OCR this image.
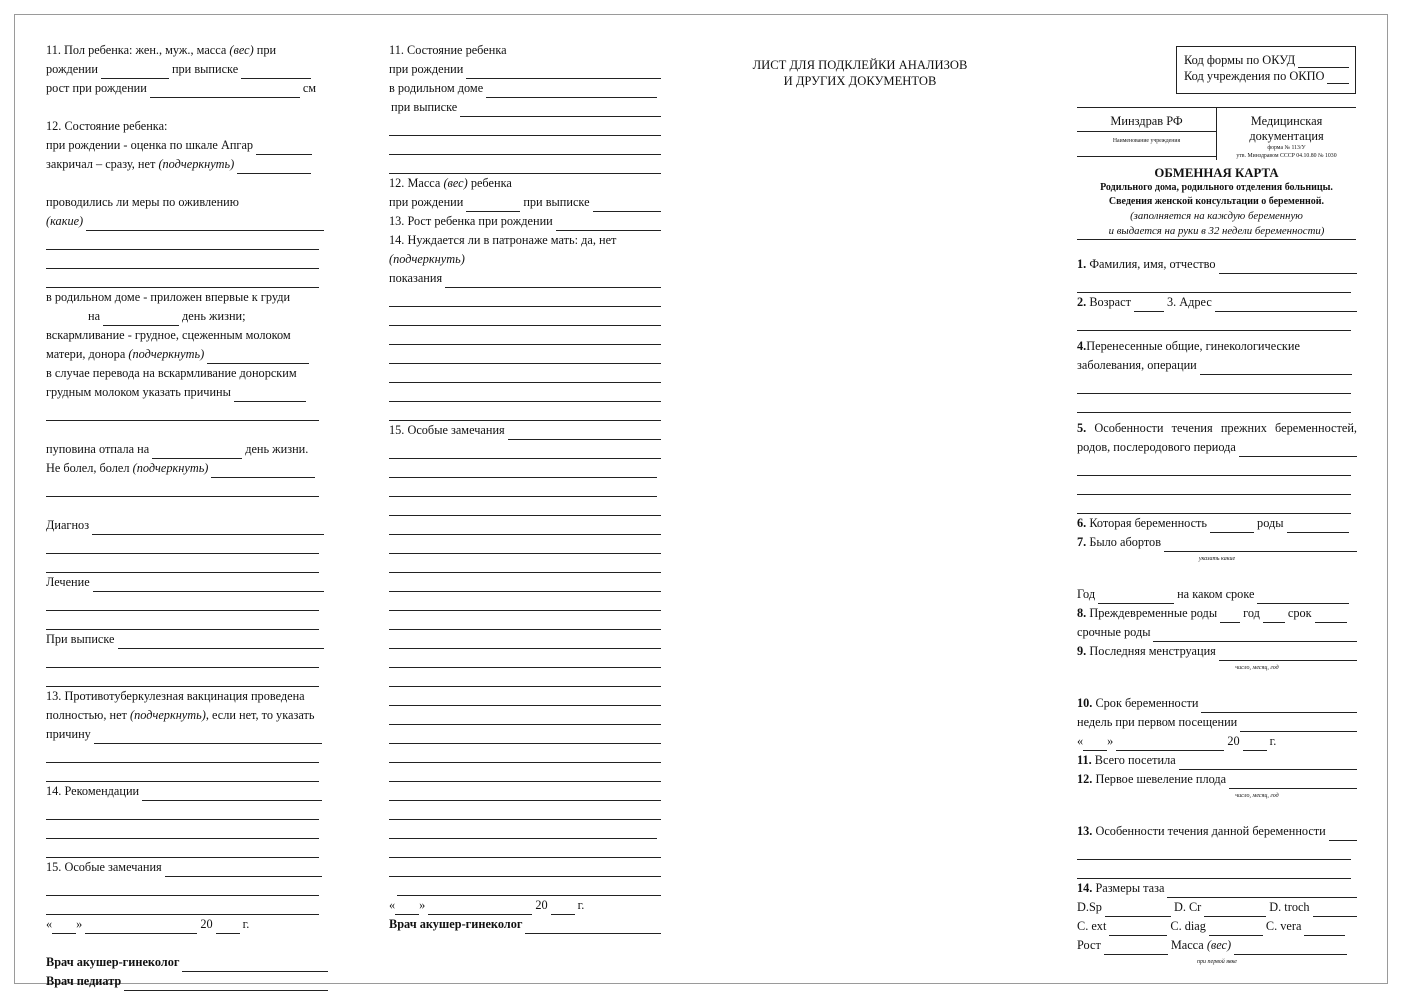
11. Пол ребенка: жен., муж., масса
(вес)
при
рождении	при выписке
рост при рождении	см
12. Состояние ребенка:
при рождении - оценка по шкале Апгар
закричал – сразу, нет
(подчеркнуть)
проводились ли меры по оживлению
(какие)
в родильном доме - приложен впервые к груди
на	день жизни;
вскармливание - грудное, сцеженным молоком
матери, донора
(подчеркнуть)
в случае перевода на вскармливание донорским
грудным молоком указать причины
пуповина отпала на	день жизни.
Не болел, болел
(подчеркнуть)
Диагноз
Лечение
При выписке
13. Противотуберкулезная вакцинация проведена
полностью, нет
(подчеркнуть) , если нет, то указать
причину
14. Рекомендации
15. Особые замечания
« »	20 г.
Врач акушер-гинеколог
Врач педиатр
11. Состояние ребенка
при рождении
в родильном доме
при выписке
12. Масса
(вес)
ребенка
при рождении	при выписке
13. Рост ребенка при рождении
14. Нуждается ли в патронаже мать: да, нет
(подчеркнуть)
показания
15. Особые замечания
« »	20 г.
Врач акушер-гинеколог
ЛИСТ ДЛЯ ПОДКЛЕЙКИ АНАЛИЗОВ
И ДРУГИХ ДОКУМЕНТОВ
Код формы по ОКУД
Код учреждения по ОКПО
Минздрав РФ
Наименование учреждения
Медицинская
документация
форма № 113/У
утв. Минздравом СССР 04.10.80 № 1030
ОБМЕННАЯ КАРТА
Родильного дома, родильного отделения больницы.
Сведения женской консультации о беременной.
(заполняется на каждую беременную
и выдается на руки в 32 недели беременности)
1.
Фамилия, имя, отчество
2.
Возраст	3. Адрес
4. Перенесенные общие, гинекологические
заболевания, операции
5. Особенности течения прежних беременностей,
родов, послеродового периода
6.
Которая беременность	роды
7.
Было абортов
указать какие
Год	на каком сроке
8.
Преждевременные роды год срок
срочные роды
9.
Последняя менструация
число, месяц, год
10.
Срок беременности
недель при первом посещении
« »	20 г.
11.
Всего посетила
12.
Первое шевеление плода
число, месяц, год
13.
Особенности течения данной беременности
14.
Размеры таза
D.Sp	D. Cr	D. troch
C. ext	C. diag	C. vera
Рост	Масса
(вес)
при первой явке
